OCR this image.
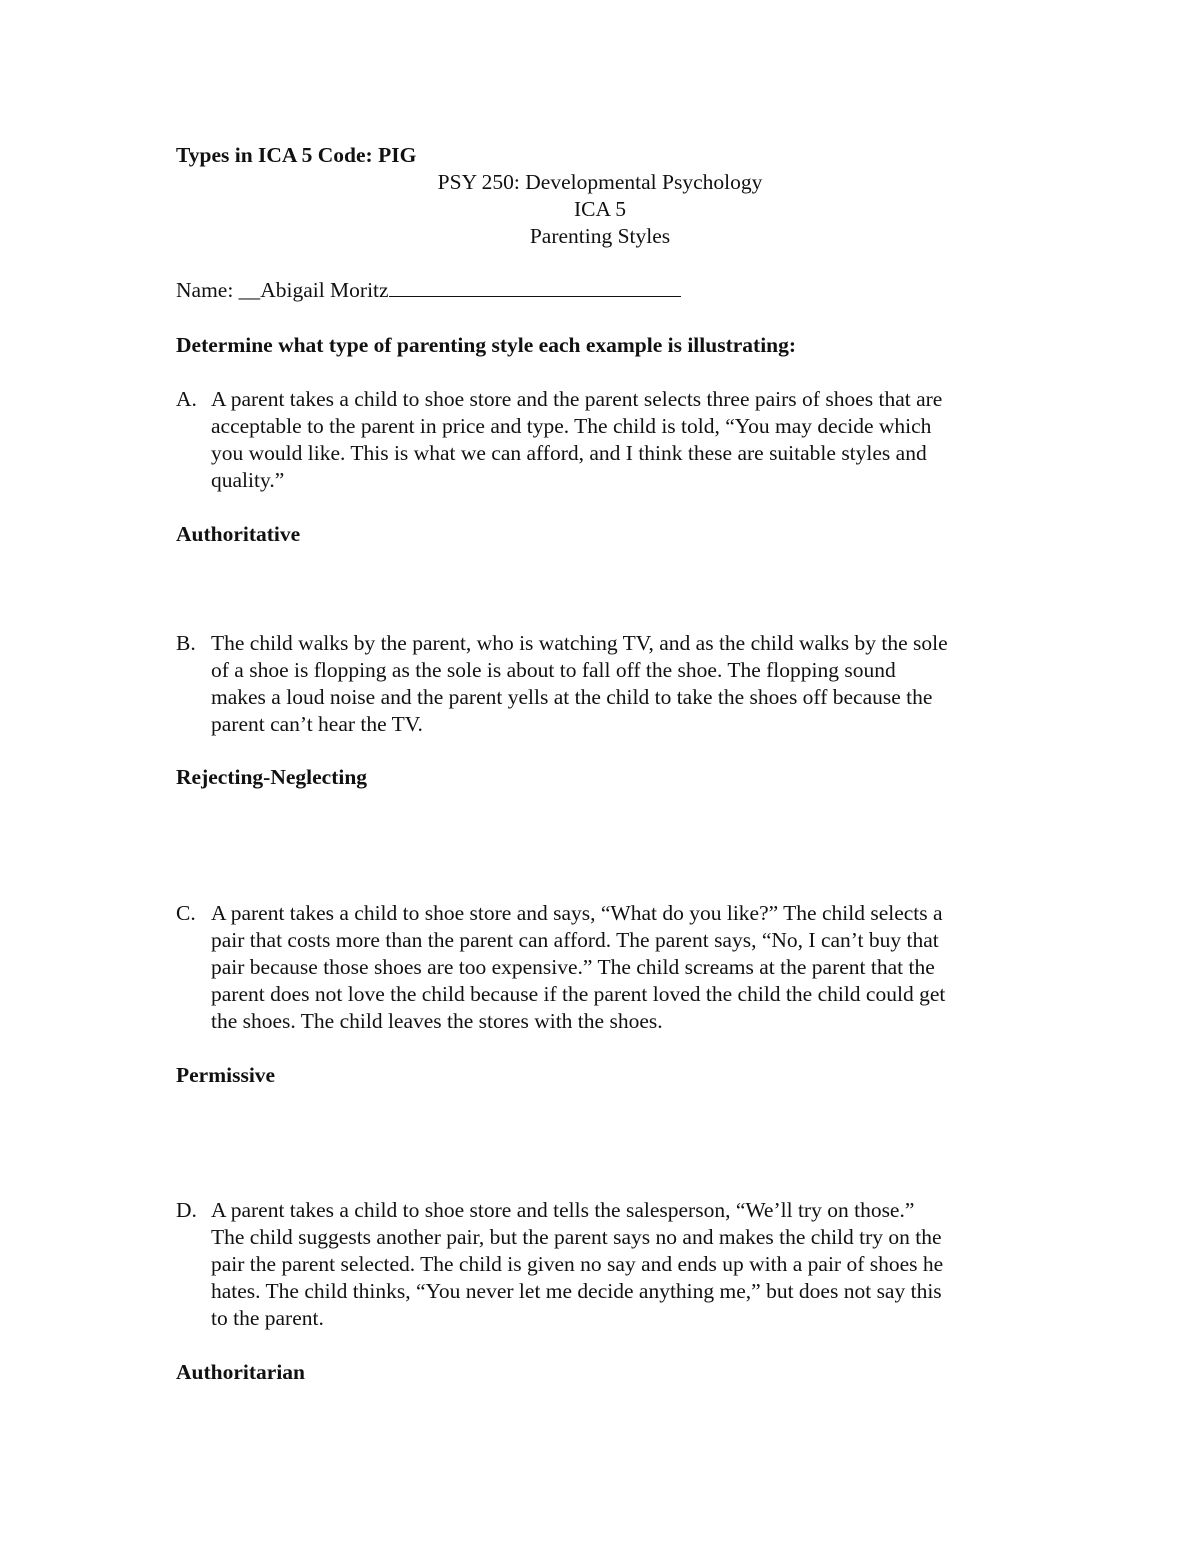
Types in ICA 5 Code: PIG
PSY 250: Developmental Psychology
ICA 5
Parenting Styles
Name: __Abigail Moritz
Determine what type of parenting style each example is illustrating:
A. A parent takes a child to shoe store and the parent selects three pairs of shoes that are
acceptable to the parent in price and type. The child is told, “You may decide which
you would like. This is what we can afford, and I think these are suitable styles and
quality.”
Authoritative
B. The child walks by the parent, who is watching TV, and as the child walks by the sole
of a shoe is flopping as the sole is about to fall off the shoe. The flopping sound
makes a loud noise and the parent yells at the child to take the shoes off because the
parent can’t hear the TV.
Rejecting-Neglecting
C. A parent takes a child to shoe store and says, “What do you like?” The child selects a
pair that costs more than the parent can afford. The parent says, “No, I can’t buy that
pair because those shoes are too expensive.” The child screams at the parent that the
parent does not love the child because if the parent loved the child the child could get
the shoes. The child leaves the stores with the shoes.
Permissive
D. A parent takes a child to shoe store and tells the salesperson, “We’ll try on those.”
The child suggests another pair, but the parent says no and makes the child try on the
pair the parent selected. The child is given no say and ends up with a pair of shoes he
hates. The child thinks, “You never let me decide anything me,” but does not say this
to the parent.
Authoritarian
